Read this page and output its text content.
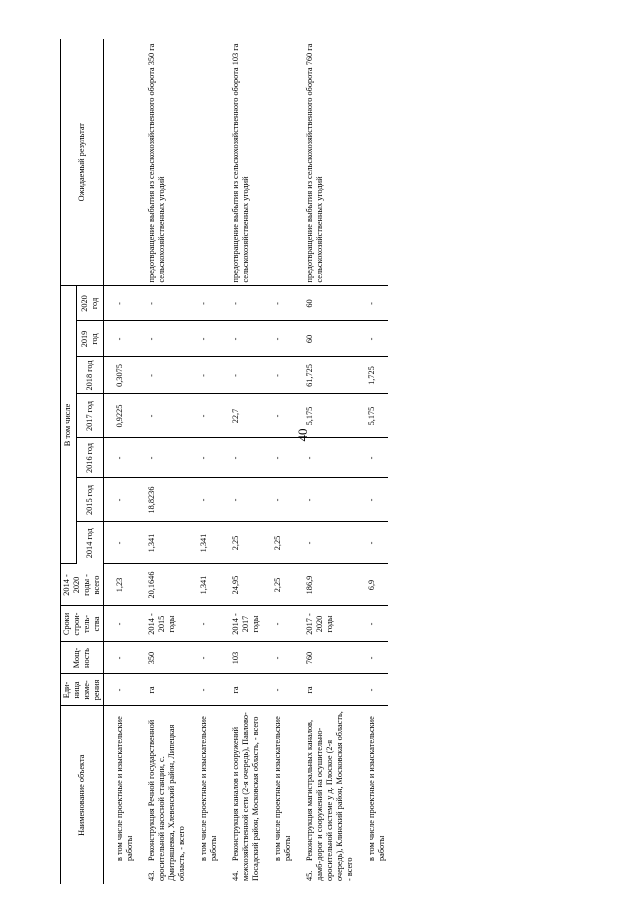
40
Наименование объекта	Еди-ница изме-рения	Мощ-ность	Сроки строи-тель-ства	2014 - 2020 годы - всего	В том числе							Ожидаемый результат
					2014 год	2015 год	2016 год	2017 год	2018 год	2019 год	2020 год	

в том числе проектные и изыскательские работы	-	-	-	1,23	-	-	-	0,9225	0,3075	-	-	

43.Реконструкция Речной государственной оросительной насосной станции, с. Дмитряшевка, Хлевенский район, Липецкая область, - всего	га	350	2014 - 2015 годы	20,1646	1,341	18,8236	-	-	-	-	-	предотвращение выбытия из сельскохозяйственного оборота 350 га сельскохозяйственных угодий

в том числе проектные и изыскательские работы	-	-	-	1,341	1,341	-	-	-	-	-	-	

44.Реконструкция каналов и сооружений межхозяйственной сети (2-я очередь), Павлово-Посадский район, Московская область, - всего	га	103	2014 - 2017 годы	24,95	2,25	-	-	22,7	-	-	-	предотвращение выбытия из сельскохозяйственного оборота 103 га сельскохозяйственных угодий

в том числе проектные и изыскательские работы	-	-	-	2,25	2,25	-	-	-	-	-	-	

45.Реконструкция магистральных каналов, дамб-дорог и сооружений на осушительно-оросительной системе у д. Плоское (2-я очередь), Клинский район, Московская область, - всего	га	760	2017 - 2020 годы	186,9	-	-	-	5,175	61,725	60	60	предотвращение выбытия из сельскохозяйственного оборота 760 га сельскохозяйственных угодий

в том числе проектные и изыскательские работы	-	-	-	6,9	-	-	-	5,175	1,725	-	-	
